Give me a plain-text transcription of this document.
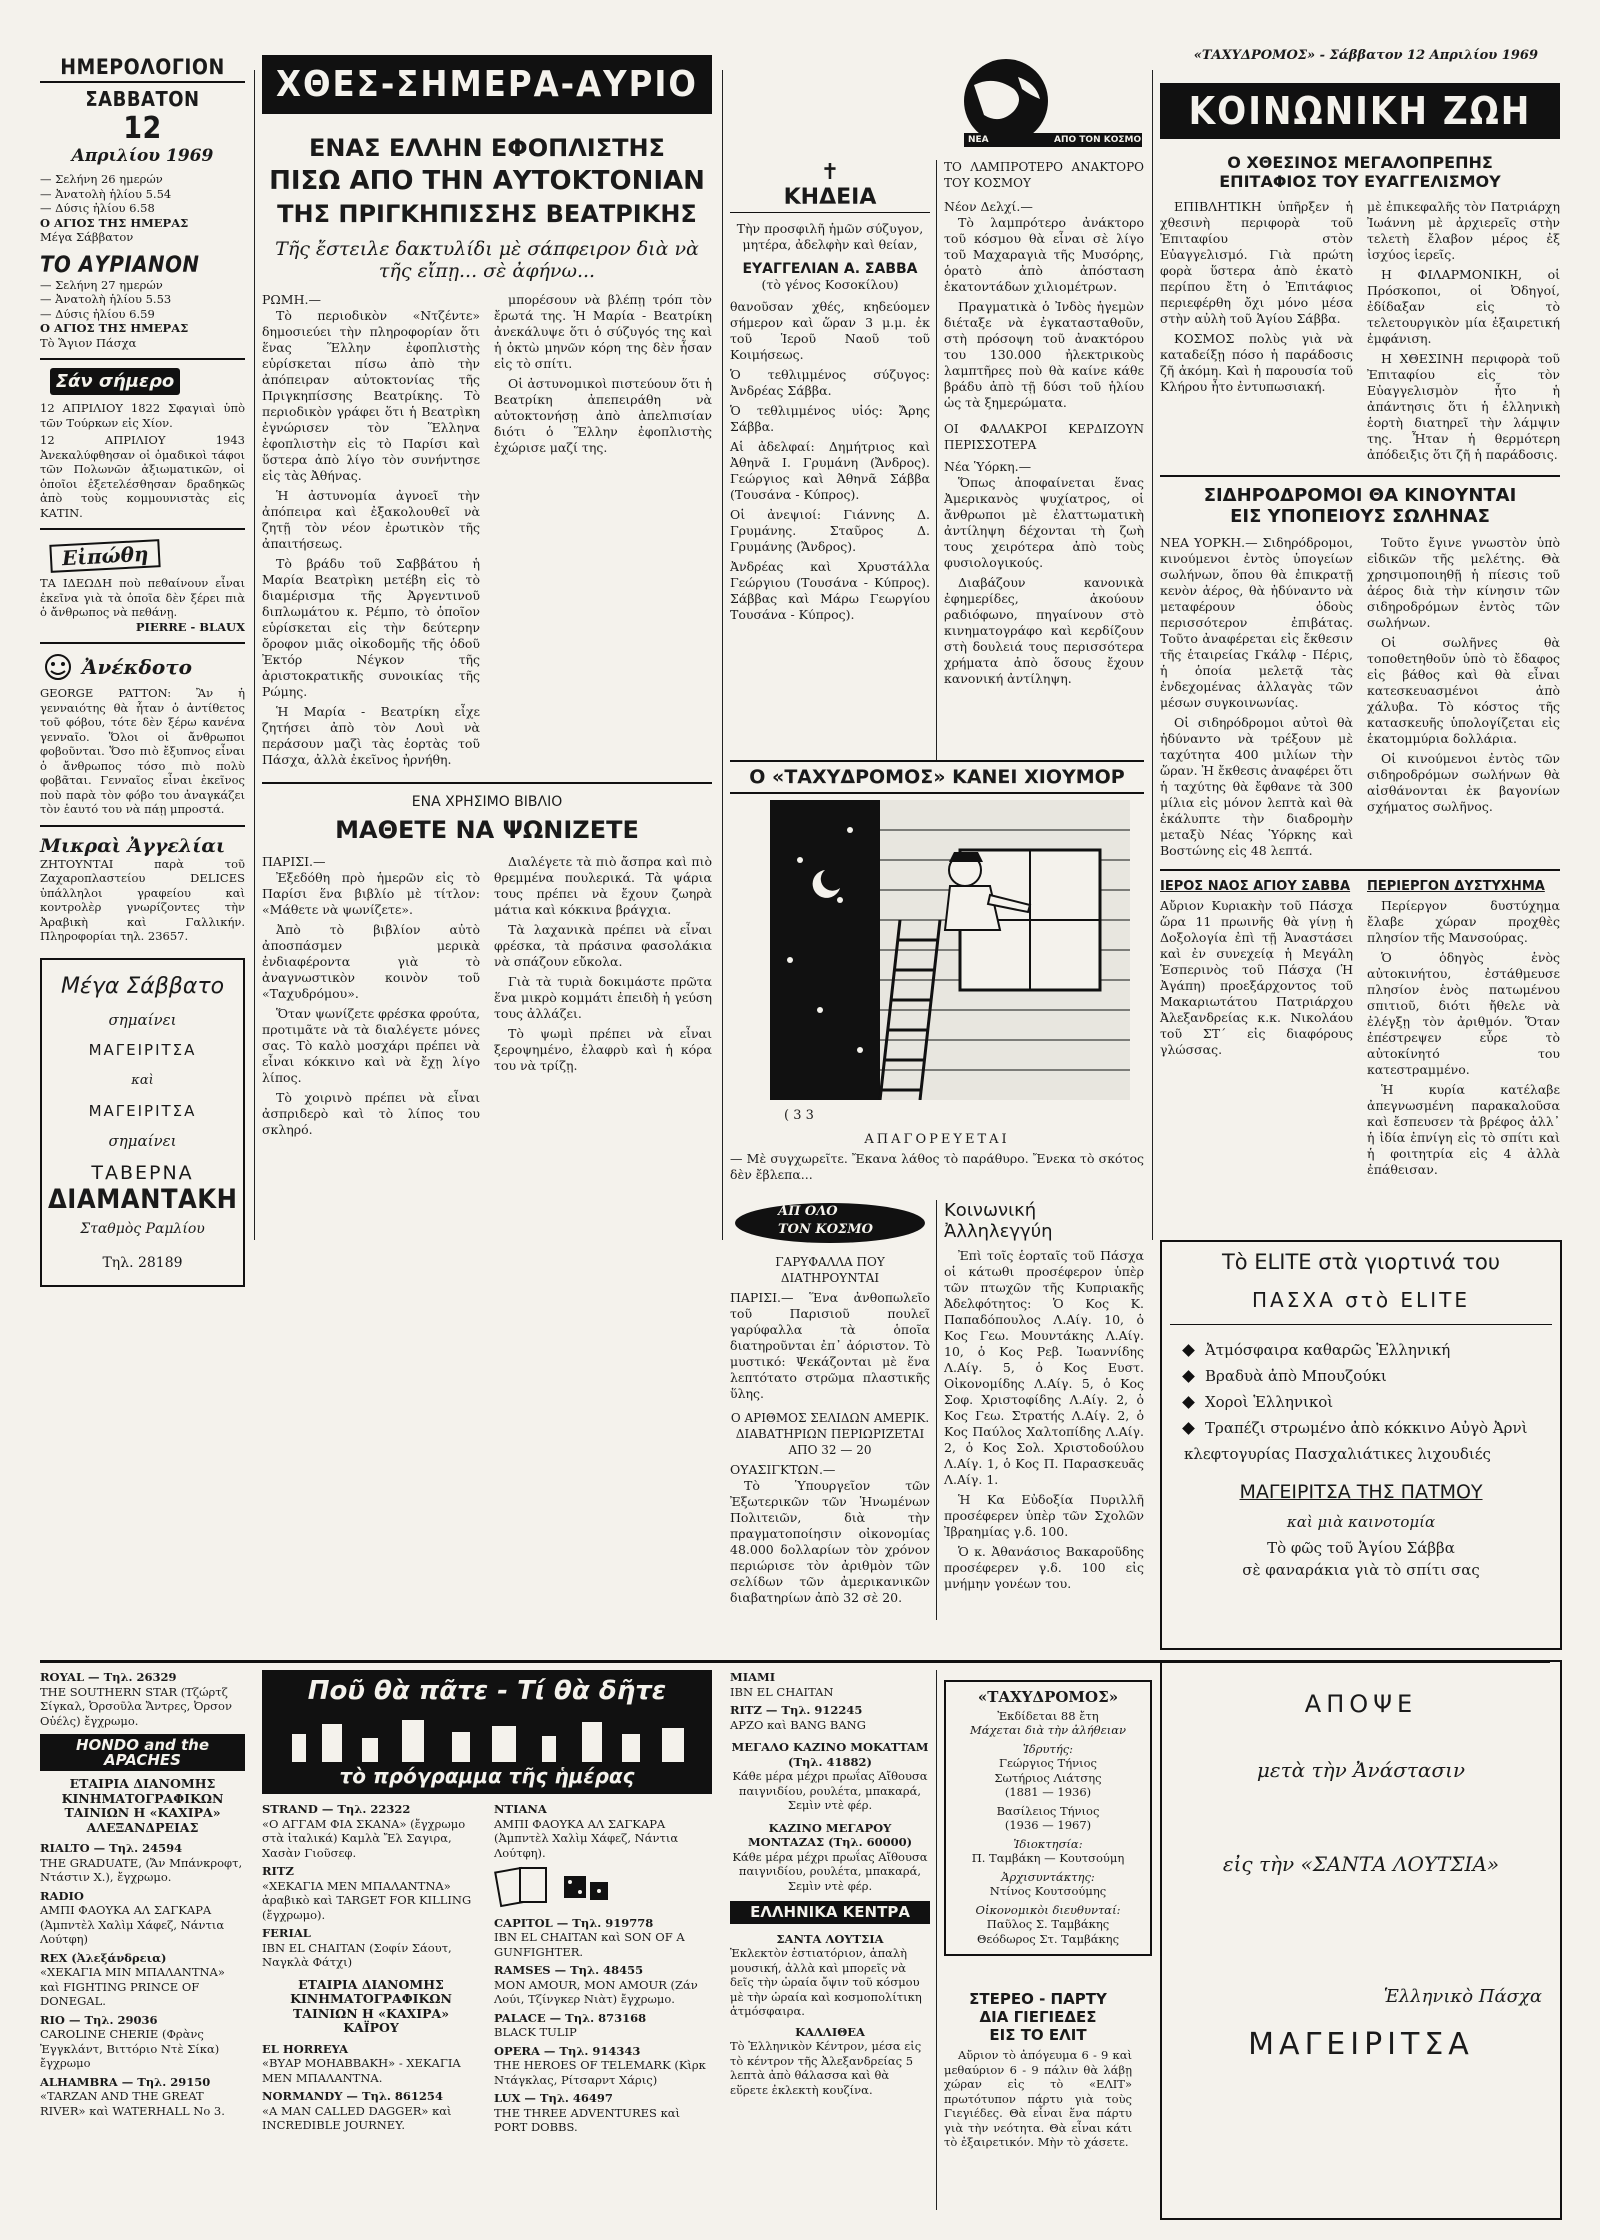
«ΤΑΧΥΔΡΟΜΟΣ» - Σάββατον 12 Απριλίου 1969
ΗΜΕΡΟΛΟΓΙΟΝ
ΣΑΒΒΑΤΟΝ
12
Απριλίου 1969
— Σελήνη 26 ημερών
— Ἀνατολὴ ἡλίου 5.54
— Δύσις ἡλίου 6.58
Ο ΑΓΙΟΣ ΤΗΣ ΗΜΕΡΑΣ
Μέγα Σάββατον
ΤΟ ΑΥΡΙΑΝΟΝ
— Σελήνη 27 ημερών
— Ἀνατολὴ ἡλίου 5.53
— Δύσις ἡλίου 6.59
Ο ΑΓΙΟΣ ΤΗΣ ΗΜΕΡΑΣ
Τὸ Ἅγιον Πάσχα
Σάν σήμερο
12 ΑΠΡΙΛΙΟΥ 1822 Σφαγιαὶ ὑπὸ τῶν Τούρκων εἰς Χίον.
12 ΑΠΡΙΛΙΟΥ 1943 Ἀνεκαλύφθησαν οἱ ὁμαδικοὶ τάφοι τῶν Πολωνῶν ἀξιωματικῶν, οἱ ὁποῖοι ἐξετελέσθησαν δραδηκῶς ἀπὸ τοὺς κομμουνιστὰς εἰς ΚΑΤΙΝ.
Εἰπώθη
ΤΑ ΙΔΕΩΔΗ ποὺ πεθαίνουν εἶναι ἐκεῖνα γιὰ τὰ ὁποῖα δὲν ξέρει πιὰ ὁ ἄνθρωπος νὰ πεθάνῃ.
PIERRE - BLAUX
Ἀνέκδοτο
GEORGE PATTON: Ἂν ἡ γενναιότης θὰ ἦταν ὁ ἀντίθετος τοῦ φόβου, τότε δὲν ξέρω κανένα γενναῖο. Ὅλοι οἱ ἄνθρωποι φοβοῦνται. Ὅσο πιὸ ἔξυπνος εἶναι ὁ ἄνθρωπος τόσο πιὸ πολὺ φοβᾶται. Γενναῖος εἶναι ἐκεῖνος ποὺ παρὰ τὸν φόβο του ἀναγκάζει τὸν ἑαυτό του νὰ πάῃ μπροστά.
Μικραὶ Ἀγγελίαι
ΖΗΤΟΥΝΤΑΙ παρὰ τοῦ Ζαχαροπλαστείου DELICES ὑπάλληλοι γραφείου καὶ κοντρολὲρ γνωρίζοντες τὴν Ἀραβικὴ καὶ Γαλλικήν. Πληροφορίαι τηλ. 23657.
Μέγα Σάββατο
σημαίνει
ΜΑΓΕΙΡΙΤΣΑ
καὶ
ΜΑΓΕΙΡΙΤΣΑ
σημαίνει
ΤΑΒΕΡΝΑ
ΔΙΑΜΑΝΤΑΚΗ
Σταθμὸς Ραμλίου
Τηλ. 28189
ΧΘΕΣ-ΣΗΜΕΡΑ-ΑΥΡΙΟ
ΕΝΑΣ ΕΛΛΗΝ ΕΦΟΠΛΙΣΤΗΣ
ΠΙΣΩ ΑΠΟ ΤΗΝ ΑΥΤΟΚΤΟΝΙΑΝ
ΤΗΣ ΠΡΙΓΚΗΠΙΣΣΗΣ ΒΕΑΤΡΙΚΗΣ
Τῆς ἔστειλε δακτυλίδι μὲ σάπφειρον διὰ νὰ τῆς εἴπῃ... σὲ ἀφήνω...
ΡΩΜΗ.—

Τὸ περιοδικὸν «Ντζέντε» δημοσιεύει τὴν πληροφορίαν ὅτι ἕνας Ἕλλην ἐφοπλιστὴς εὑρίσκεται πίσω ἀπὸ τὴν ἀπόπειραν αὐτοκτονίας τῆς Πριγκηπίσσης Βεατρίκης. Τὸ περιοδικὸν γράφει ὅτι ἡ Βεατρὶκη ἐγνώρισεν τὸν Ἕλληνα ἐφοπλιστὴν εἰς τὸ Παρίσι καὶ ὕστερα ἀπὸ λίγο τὸν συνήντησε εἰς τὰς Ἀθήνας.

Ἡ ἀστυνομία ἀγνοεῖ τὴν ἀπόπειρα καὶ ἐξακολουθεῖ νὰ ζητῇ τὸν νέον ἐρωτικὸν τῆς ἀπαιτήσεως.

Τὸ βράδυ τοῦ Σαββάτου ἡ Μαρία Βεατρὶκη μετέβη εἰς τὸ διαμέρισμα τῆς Ἀργεντινοῦ διπλωμάτου κ. Ρέμπο, τὸ ὁποῖον εὑρίσκεται εἰς τὴν δεύτερην ὄροφον μιᾶς οἰκοδομῆς τῆς ὁδοῦ Ἐκτόρ Νέγκον τῆς ἀριστοκρατικῆς συνοικίας τῆς Ρώμης.

Ἡ Μαρία - Βεατρίκη εἶχε ζητήσει ἀπὸ τὸν Λουὶ νὰ περάσουν μαζὶ τὰς ἑορτὰς τοῦ Πάσχα, ἀλλὰ ἐκεῖνος ἠρνήθη.

μπορέσουν νὰ βλέπῃ τρόπ τὸν ἔρωτά της. Ἡ Μαρία - Βεατρίκη ἀνεκάλυψε ὅτι ὁ σύζυγός της καὶ ἡ ὀκτὼ μηνῶν κόρη της δὲν ἦσαν εἰς τὸ σπίτι.

Οἱ ἀστυνομικοὶ πιστεύουν ὅτι ἡ Βεατρίκη ἀπεπειράθη νὰ αὐτοκτονήσῃ ἀπὸ ἀπελπισίαν διότι ὁ Ἕλλην ἐφοπλιστὴς ἐχώρισε μαζί της.

ΕΝΑ ΧΡΗΣΙΜΟ ΒΙΒΛΙΟ
ΜΑΘΕΤΕ ΝΑ ΨΩΝΙΖΕΤΕ
ΠΑΡΙΣΙ.—

Ἐξεδόθη πρὸ ἡμερῶν εἰς τὸ Παρίσι ἕνα βιβλίο μὲ τίτλον: «Μάθετε νὰ ψωνίζετε».

Ἀπὸ τὸ βιβλίον αὐτὸ ἀποσπάσμεν μερικὰ ἐνδιαφέροντα γιὰ τὸ ἀναγνωστικὸν κοινὸν τοῦ «Ταχυδρόμου».

Ὅταν ψωνίζετε φρέσκα φρούτα, προτιμᾶτε νὰ τὰ διαλέγετε μόνες σας. Τὸ καλὸ μοσχάρι πρέπει νὰ εἶναι κόκκινο καὶ νὰ ἔχῃ λίγο λίπος.

Τὸ χοιρινὸ πρέπει νὰ εἶναι ἀσπριδερὸ καὶ τὸ λίπος του σκληρό.

Διαλέγετε τὰ πιὸ ἄσπρα καὶ πιὸ θρεμμένα πουλερικά. Τὰ ψάρια τους πρέπει νὰ ἔχουν ζωηρὰ μάτια καὶ κόκκινα βράγχια.

Τὰ λαχανικὰ πρέπει νὰ εἶναι φρέσκα, τὰ πράσινα φασολάκια νὰ σπάζουν εὔκολα.

Γιὰ τὰ τυριὰ δοκιμάστε πρῶτα ἕνα μικρὸ κομμάτι ἐπειδὴ ἡ γεύση τους ἀλλάζει.

Τὸ ψωμὶ πρέπει νὰ εἶναι ξεροψημένο, ἐλαφρὺ καὶ ἡ κόρα του νὰ τρίζῃ.

✝
ΚΗΔΕΙΑ
Τὴν προσφιλῆ ἡμῶν σύζυγον, μητέρα, ἀδελφὴν καὶ θείαν,
ΕΥΑΓΓΕΛΙΑΝ Α. ΣΑΒΒΑ
(τὸ γένος Κοσοκίλου)

θανοῦσαν χθές, κηδεύομεν σήμερον καὶ ὥραν 3 μ.μ. ἐκ τοῦ Ἱεροῦ Ναοῦ τοῦ Κοιμήσεως.

Ὁ τεθλιμμένος σύζυγος: Ἀνδρέας Σάββα.

Ὁ τεθλιμμένος υἱός: Ἄρης Σάββα.

Αἱ ἀδελφαί: Δημήτριος καὶ Ἀθηνᾶ Ι. Γρυμάνη (Ἄνδρος). Γεώργιος καὶ Ἀθηνᾶ Σάββα (Τουσάνα - Κύπρος).

Οἱ ἀνεψιοί: Γιάννης Δ. Γρυμάνης. Σταῦρος Δ. Γρυμάνης (Ἄνδρος).

Ἀνδρέας καὶ Χρυστάλλα Γεώργιου (Τουσάνα - Κύπρος). Σάββας καὶ Μάρω Γεωργίου Τουσάνα - Κύπρος).

ΝΕΑ	ΑΠΟ ΤΟΝ ΚΟΣΜΟ
ΤΟ ΛΑΜΠΡΟΤΕΡΟ ΑΝΑΚΤΟΡΟ ΤΟΥ ΚΟΣΜΟΥ
Νέον Δελχί.—

Τὸ λαμπρότερο ἀνάκτορο τοῦ κόσμου θὰ εἶναι σὲ λίγο τοῦ Μαχαραγιὰ τῆς Μυσόρης, ὁρατὸ ἀπὸ ἀπόσταση ἑκατοντάδων χιλιομέτρων.

Πραγματικὰ ὁ Ἰνδὸς ἡγεμὼν διέταξε νὰ ἐγκατασταθοῦν, στὴ πρόσοψη τοῦ ἀνακτόρου του 130.000 ἠλεκτρικοὺς λαμπτῆρες ποὺ θὰ καίνε κάθε βράδυ ἀπὸ τῇ δύσι τοῦ ἡλίου ὡς τὰ ξημερώματα.

ΟΙ ΦΑΛΑΚΡΟΙ ΚΕΡΔΙΖΟΥΝ ΠΕΡΙΣΣΟΤΕΡΑ
Νέα Ὑόρκη.—

Ὅπως ἀποφαίνεται ἕνας Ἀμερικανὸς ψυχίατρος, οἱ ἄνθρωποι μὲ ἐλαττωματικὴ ἀντίληψη δέχονται τὴ ζωὴ τους χειρότερα ἀπὸ τοὺς φυσιολογικούς.

Διαβάζουν κανονικὰ ἐφημερίδες, ἀκούουν ραδιόφωνο, πηγαίνουν στὸ κινηματογράφο καὶ κερδίζουν στὴ δουλειά τους περισσότερα χρήματα ἀπὸ ὅσους ἔχουν κανονική ἀντίληψη.

Ο «ΤΑΧΥΔΡΟΜΟΣ» ΚΑΝΕΙ ΧΙΟΥΜΟΡ
( 3 3
ΑΠΑΓΟΡΕΥΕΤΑΙ
— Μὲ συγχωρεῖτε. Ἔκανα λάθος τὸ παράθυρο. Ἔνεκα τὸ σκότος δὲν ἔβλεπα...
ΚΟΙΝΩΝΙΚΗ ΖΩΗ
Ο ΧΘΕΣΙΝΟΣ ΜΕΓΑΛΟΠΡΕΠΗΣ
ΕΠΙΤΑΦΙΟΣ ΤΟΥ ΕΥΑΓΓΕΛΙΣΜΟΥ

ΕΠΙΒΛΗΤΙΚΗ ὑπῆρξεν ἡ χθεσινὴ περιφορὰ τοῦ Ἐπιταφίου στὸν Εὐαγγελισμό. Γιὰ πρώτη φορὰ ὕστερα ἀπὸ ἑκατὸ περίπου ἔτη ὁ Ἐπιτάφιος περιεφέρθη ὄχι μόνο μέσα στὴν αὐλὴ τοῦ Ἁγίου Σάββα.

ΚΟΣΜΟΣ πολὺς γιὰ νὰ καταδείξῃ πόσο ἡ παράδοσις ζῆ ἀκόμη. Καὶ ἡ παρουσία τοῦ Κλήρου ἦτο ἐντυπωσιακή.

μὲ ἐπικεφαλῆς τὸν Πατριάρχη Ἰωάννη μὲ ἀρχιερεῖς στὴν τελετὴ ἔλαβον μέρος ἐξ ἰσχύος ἱερεῖς.

Η ΦΙΛΑΡΜΟΝΙΚΗ, οἱ Πρόσκοποι, οἱ Ὀδηγοί, ἐδίδαξαν εἰς τὸ τελετουργικὸν μία ἐξαιρετική ἐμφάνιση.

Η ΧΘΕΣΙΝΗ περιφορὰ τοῦ Ἐπιταφίου εἰς τὸν Εὐαγγελισμὸν ἦτο ἡ ἀπάντησις ὅτι ἡ ἑλληνικὴ ἑορτὴ διατηρεῖ τὴν λάμψιν της. Ἦταν ἡ θερμότερη ἀπόδειξις ὅτι ζῆ ἡ παράδοσις.

ΣΙΔΗΡΟΔΡΟΜΟΙ ΘΑ ΚΙΝΟΥΝΤΑΙ
ΕΙΣ ΥΠΟΠΕΙΟΥΣ ΣΩΛΗΝΑΣ

ΝΕΑ ΥΟΡΚΗ.— Σιδηρόδρομοι, κινούμενοι ἐντὸς ὑπογείων σωλήνων, ὅπου θὰ ἐπικρατῇ κενὸν ἀέρος, θὰ ἠδύναντο νὰ μεταφέρουν ὁδοὺς περισσότερον ἐπιβάτας. Τοῦτο ἀναφέρεται εἰς ἔκθεσιν τῆς ἑταιρείας Γκάλφ - Πέρις, ἡ ὁποία μελετᾷ τὰς ἐνδεχομένας ἀλλαγὰς τῶν μέσων συγκοινωνίας.

Οἱ σιδηρόδρομοι αὐτοὶ θὰ ἠδύναντο νὰ τρέξουν μὲ ταχύτητα 400 μιλίων τὴν ὥραν. Ἡ ἔκθεσις ἀναφέρει ὅτι ἡ ταχύτης θὰ ἔφθανε τὰ 300 μίλια εἰς μόνον λεπτὰ καὶ θὰ ἐκάλυπτε τὴν διαδρομὴν μεταξὺ Νέας Ὑόρκης καὶ Βοστώνης εἰς 48 λεπτά.

Τοῦτο ἔγινε γνωστὸν ὑπὸ εἰδικῶν τῆς μελέτης. Θὰ χρησιμοποιηθῇ ἡ πίεσις τοῦ ἀέρος διὰ τὴν κίνησιν τῶν σιδηροδρόμων ἐντὸς τῶν σωλήνων.

Οἱ σωλῆνες θὰ τοποθετηθοῦν ὑπὸ τὸ ἔδαφος εἰς βάθος καὶ θὰ εἶναι κατεσκευασμένοι ἀπὸ χάλυβα. Τὸ κόστος τῆς κατασκευῆς ὑπολογίζεται εἰς ἑκατομμύρια δολλάρια.

Οἱ κινούμενοι ἐντὸς τῶν σιδηροδρόμων σωλήνων θὰ αἰσθάνονται ἐκ βαγονίων σχήματος σωλῆνος.

ΙΕΡΟΣ ΝΑΟΣ ΑΓΙΟΥ ΣΑΒΒΑ

Αὔριον Κυριακὴν τοῦ Πάσχα ὥρα 11 πρωινῆς θὰ γίνῃ ἡ Δοξολογία ἐπὶ τῇ Ἀναστάσει καὶ ἐν συνεχείᾳ ἡ Μεγάλη Ἑσπερινὸς τοῦ Πάσχα (Ἡ Ἀγάπη) προεξάρχοντος τοῦ Μακαριωτάτου Πατριάρχου Ἀλεξανδρείας κ.κ. Νικολάου τοῦ ΣΤ΄ εἰς διαφόρους γλώσσας.

ΠΕΡΙΕΡΓΟΝ ΔΥΣΤΥΧΗΜΑ

Περίεργον δυστύχημα ἔλαβε χώραν προχθὲς πλησίον τῆς Μανσούρας.

Ὁ ὁδηγὸς ἑνὸς αὐτοκινήτου, ἐστάθμευσε πλησίον ἑνὸς πατωμένου σπιτιοῦ, διότι ἤθελε νὰ ἐλέγξῃ τὸν ἀριθμόν. Ὅταν ἐπέστρεψεν εὗρε τὸ αὐτοκίνητό του κατεστραμμένο.

Ἡ κυρία κατέλαβε ἀπεγνωσμένη παρακαλοῦσα καὶ ἔσπευσεν τὰ βρέφος ἀλλ᾽ ἡ ἰδία ἐπνίγη εἰς τὸ σπίτι καὶ ἡ φοιτητρία εἰς 4 ἀλλὰ ἐπάθεισαν.

ΑΠ ΟΛΟ
ΤΟΝ ΚΟΣΜΟ
ΓΑΡΥΦΑΛΛΑ ΠΟΥ ΔΙΑΤΗΡΟΥΝΤΑΙ

ΠΑΡΙΣΙ.— Ἕνα ἀνθοπωλεῖο τοῦ Παρισιοῦ πουλεῖ γαρύφαλλα τὰ ὁποῖα διατηροῦνται ἐπ᾽ ἀόριστον. Τὸ μυστικό: Ψεκάζονται μὲ ἕνα λεπτότατο στρῶμα πλαστικῆς ὕλης.

Ο ΑΡΙΘΜΟΣ ΣΕΛΙΔΩΝ ΑΜΕΡΙΚ. ΔΙΑΒΑΤΗΡΙΩΝ ΠΕΡΙΩΡΙΖΕΤΑΙ ΑΠΟ 32 — 20
ΟΥΑΣΙΓΚΤΩΝ.—

Τὸ Ὑπουργεῖον τῶν Ἐξωτερικῶν τῶν Ἡνωμένων Πολιτειῶν, διὰ τὴν πραγματοποίησιν οἰκονομίας 48.000 δολλαρίων τὸν χρόνον περιώρισε τὸν ἀριθμὸν τῶν σελίδων τῶν ἀμερικανικῶν διαβατηρίων ἀπὸ 32 σὲ 20.

Κοινωνική Ἀλληλεγγύη

Ἐπὶ τοῖς ἑορταῖς τοῦ Πάσχα οἱ κάτωθι προσέφερον ὑπὲρ τῶν πτωχῶν τῆς Κυπριακῆς Ἀδελφότητος: Ὁ Κος Κ. Παπαδόπουλος Λ.Αίγ. 10, ὁ Κος Γεω. Μουντάκης Λ.Αίγ. 10, ὁ Κος Ρεβ. Ἰωαννίδης Λ.Αίγ. 5, ὁ Κος Ευστ. Οἰκονομίδης Λ.Αίγ. 5, ὁ Κος Σοφ. Χριστοφίδης Λ.Αίγ. 2, ὁ Κος Γεω. Στρατής Λ.Αίγ. 2, ὁ Κος Παύλος Χαλτοπίδης Λ.Αίγ. 2, ὁ Κος Σολ. Χριστοδούλου Λ.Αίγ. 1, ὁ Κος Π. Παρασκευᾶς Λ.Αίγ. 1.

Ἡ Κα Εὐδοξία Πυριλλῆ προσέφερεν ὑπὲρ τῶν Σχολῶν Ἰβραημίας γ.δ. 100.

Ὁ κ. Ἀθανάσιος Βακαροῦδης προσέφερεν γ.δ. 100 εἰς μνήμην γονέων του.

Τὸ ELITE στὰ γιορτινά του
ΠΑΣΧΑ στὸ ELITE
Ἀτμόσφαιρα καθαρῶς Ἑλληνική
Βραδυὰ ἀπὸ Μπουζούκι
Χοροὶ Ἑλληνικοὶ
Τραπέζι στρωμένο ἀπὸ κόκκινο Αὐγὸ Ἀρνὶ κλεφτογυρίας Πασχαλιάτικες λιχουδιές
ΜΑΓΕΙΡΙΤΣΑ ΤΗΣ ΠΑΤΜΟΥ
καὶ μιὰ καινοτομία
Τὸ φῶς τοῦ Ἁγίου Σάββα
σὲ φαναράκια γιὰ τὸ σπίτι σας
ROYAL — Τηλ. 26329
THE SOUTHERN STAR (Τζώρτζ Σίγκαλ, Ὀρσοῦλα Ἄντρες, Ὀρσον Οὐέλς) ἔγχρωμο.
HONDO and the APACHES
ΕΤΑΙΡΙΑ ΔΙΑΝΟΜΗΣ
ΚΙΝΗΜΑΤΟΓΡΑΦΙΚΩΝ
ΤΑΙΝΙΩΝ Η «ΚΑΧΙΡΑ»
ΑΛΕΞΑΝΔΡΕΙΑΣ
RIALTO — Τηλ. 24594
THE GRADUATE, (Ἄν Μπάνκροφτ, Ντάστιν Χ.), ἔγχρωμο.
RADIO
ΑΜΠΙ ΦΑΟΥΚΑ ΑΛ ΣΑΓΚΑΡΑ (Ἀμπντὲλ Χαλὶμ Χάφεζ, Νάντια Λούτφη)
REX (Ἀλεξάνδρεια)
«ΧΕΚΑΓΙΑ ΜΙΝ ΜΠΑΛΑΝΤΝΑ» καὶ FIGHTING PRINCE OF DONEGAL.
RIO — Τηλ. 29036
CAROLINE CHERIE (Φρὰνς Ἐγγκλάντ, Βιττόριο Ντὲ Σίκα) ἔγχρωμο
ALHAMBRA — Τηλ. 29150
«TARZAN AND THE GREAT RIVER» καὶ WATERHALL No 3.
Ποῦ θὰ πᾶτε - Τί θὰ δῆτε
τὸ πρόγραμμα τῆς ἡμέρας
STRAND — Τηλ. 22322
«Ο ΑΓΓΑΜ ΦΙΑ ΣΚΑΝΑ» (ἔγχρωμο στὰ ἰταλικά) Καμλὰ Ἔλ Σαγιρα, Χασὰν Γιοῦσεφ.
RITZ
«ΧΕΚΑΓΙΑ ΜΕΝ ΜΠΑΛΑΝΤΝΑ» ἀραβικὸ καὶ TARGET FOR KILLING (ἔγχρωμο).
FERIAL
IBN EL CHAITAN (Σοφίν Σάουτ, Ναγκλὰ Φάτχι)
ΕΤΑΙΡΙΑ ΔΙΑΝΟΜΗΣ
ΚΙΝΗΜΑΤΟΓΡΑΦΙΚΩΝ
ΤΑΙΝΙΩΝ Η «ΚΑΧΙΡΑ»
ΚΑΪΡΟΥ
EL HORREYA
«ΒΥΑΡ ΜΟΗΑΒΒΑΚΗ» - ΧΕΚΑΓΙΑ ΜΕΝ ΜΠΑΛΑΝΤΝΑ.
NORMANDY — Τηλ. 861254
«A MAN CALLED DAGGER» καὶ INCREDIBLE JOURNEY.
ΝΤΙΑΝΑ
ΑΜΠΙ ΦΑΟΥΚΑ ΑΛ ΣΑΓΚΑΡΑ (Ἀμπντὲλ Χαλὶμ Χάφεζ, Νάντια Λούτφη).
CAPITOL — Τηλ. 919778
IBN EL CHAITAN καὶ SON OF A GUNFIGHTER.
RAMSES — Τηλ. 48455
MON AMOUR, MON AMOUR (Ζάν Λούι, Τζίνγκερ Νιὰτ) ἔγχρωμο.
PALACE — Τηλ. 873168
BLACK TULIP
OPERA — Τηλ. 914343
THE HEROES OF TELEMARK (Κὶρκ Ντάγκλας, Ρίτσαρντ Χάρις)
LUX — Τηλ. 46497
THE THREE ADVENTURES καὶ PORT DOBBS.
MIAMI
IBN EL CHAITAN
RITZ — Τηλ. 912245
ΑΡΖΟ καὶ BANG BANG
ΜΕΓΑΛΟ ΚΑΖΙΝΟ MOKATTAM (Τηλ. 41882)
Κάθε μέρα μέχρι πρωΐας Αἴθουσα παιγνιδίου, ρουλέτα, μπακαρά, Σεμὶν ντὲ φέρ.
ΚΑΖΙΝΟ ΜΕΓΑΡΟΥ ΜΟΝΤΑΖΑΣ (Τηλ. 60000)
Κάθε μέρα μέχρι πρωΐας Αἴθουσα παιγνιδίου, ρουλέτα, μπακαρά, Σεμὶν ντὲ φέρ.
ΕΛΛΗΝΙΚΑ ΚΕΝΤΡΑ
ΣΑΝΤΑ ΛΟΥΤΣΙΑ
Ἐκλεκτὸν ἑστιατόριον, ἁπαλὴ μουσική, ἀλλὰ καὶ μπορεῖς νὰ δεῖς τὴν ὡραία ὄψιν τοῦ κόσμου μὲ τὴν ὡραία καὶ κοσμοπολίτικη ἀτμόσφαιρα.
ΚΑΛΛΙΘΕΑ
Τὸ Ἑλληνικὸν Κέντρον, μέσα εἰς τὸ κέντρον τῆς Ἀλεξανδρείας 5 λεπτὰ ἀπὸ θάλασσα καὶ θὰ εὕρετε ἐκλεκτὴ κουζίνα.
«ΤΑΧΥΔΡΟΜΟΣ»
Ἐκδίδεται 88 ἔτη
Μάχεται διὰ τὴν ἀλήθειαν
Ἱδρυτής:
Γεώργιος Τήνιος
Σωτήριος Λιάτσης
(1881 — 1936)
Βασίλειος Τήνιος
(1936 — 1967)
Ἰδιοκτησία:
Π. Ταμβάκη — Κουτσούμη
Ἀρχισυντάκτης:
Ντίνος Κουτσούμης
Οἰκονομικὸι διευθυνταί:
Παῦλος Σ. Ταμβάκης
Θεόδωρος Στ. Ταμβάκης
ΣΤΕΡΕΟ - ΠΑΡΤΥ
ΔΙΑ ΓΙΕΓΙΕΔΕΣ
ΕΙΣ ΤΟ ΕΛΙΤ

Αὔριον τὸ ἀπόγευμα 6 - 9 καὶ μεθαύριον 6 - 9 πάλιν θὰ λάβῃ χώραν εἰς τὸ «ΕΛΙΤ» πρωτότυπον πάρτυ γιὰ τοὺς Γιεγιέδες. Θὰ εἶναι ἕνα πάρτυ γιὰ τὴν νεότητα. Θὰ εἶναι κάτι τὸ ἐξαιρετικόν. Μὴν τὸ χάσετε.

ΑΠΟΨΕ
μετὰ τὴν Ἀνάστασιν
εἰς τὴν «ΣΑΝΤΑ ΛΟΥΤΣΙΑ»
Ἑλληνικὸ Πάσχα
ΜΑΓΕΙΡΙΤΣΑ
